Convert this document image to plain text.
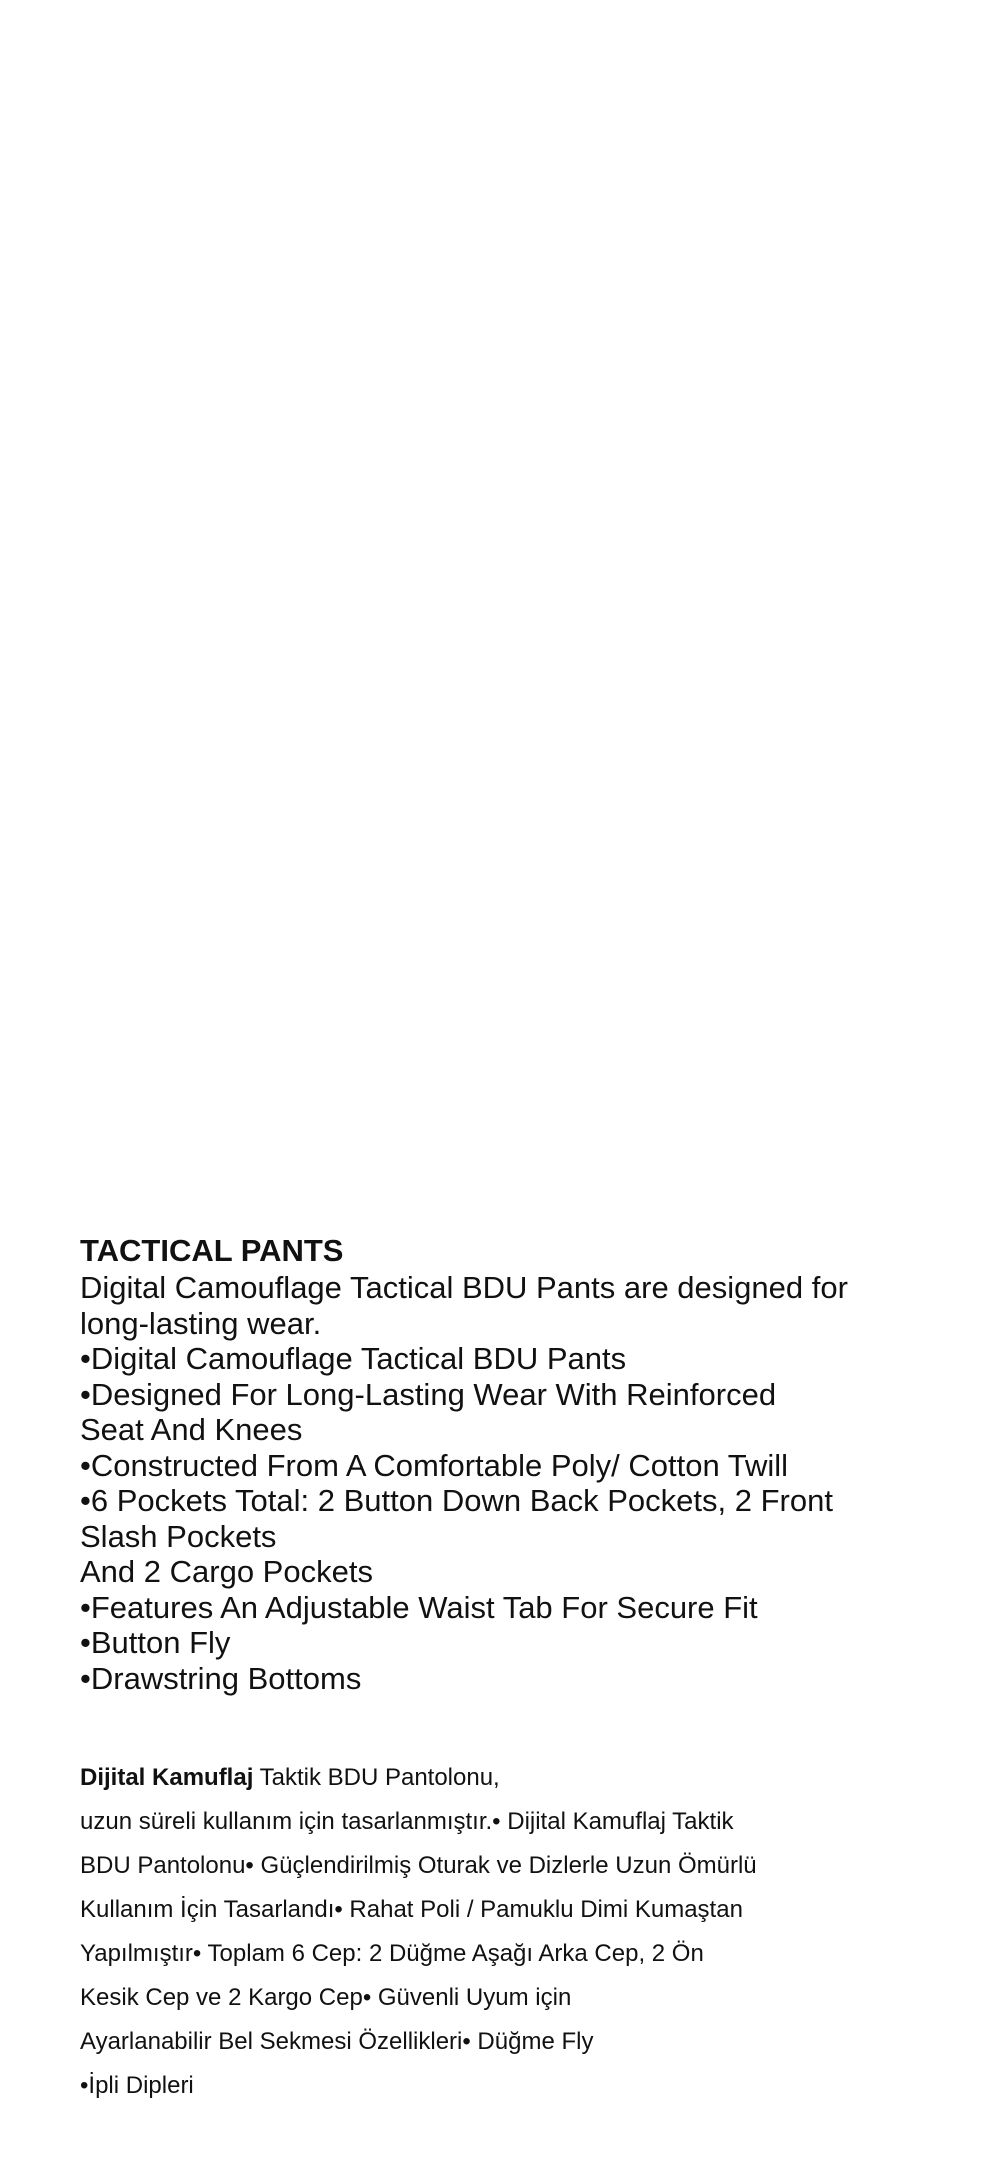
TACTICAL PANTS

Digital Camouflage Tactical BDU Pants are designed for

long-lasting wear.

•Digital Camouflage Tactical BDU Pants

•Designed For Long-Lasting Wear With Reinforced

Seat And Knees

•Constructed From A Comfortable Poly/ Cotton Twill

•6 Pockets Total: 2 Button Down Back Pockets, 2 Front

Slash Pockets

And 2 Cargo Pockets

•Features An Adjustable Waist Tab For Secure Fit

•Button Fly

•Drawstring Bottoms

Dijital Kamuflaj Taktik BDU Pantolonu,

uzun süreli kullanım için tasarlanmıştır.• Dijital Kamuflaj Taktik

BDU Pantolonu• Güçlendirilmiş Oturak ve Dizlerle Uzun Ömürlü

Kullanım İçin Tasarlandı• Rahat Poli / Pamuklu Dimi Kumaştan

Yapılmıştır• Toplam 6 Cep: 2 Düğme Aşağı Arka Cep, 2 Ön

Kesik Cep ve 2 Kargo Cep• Güvenli Uyum için

Ayarlanabilir Bel Sekmesi Özellikleri• Düğme Fly

•İpli Dipleri
